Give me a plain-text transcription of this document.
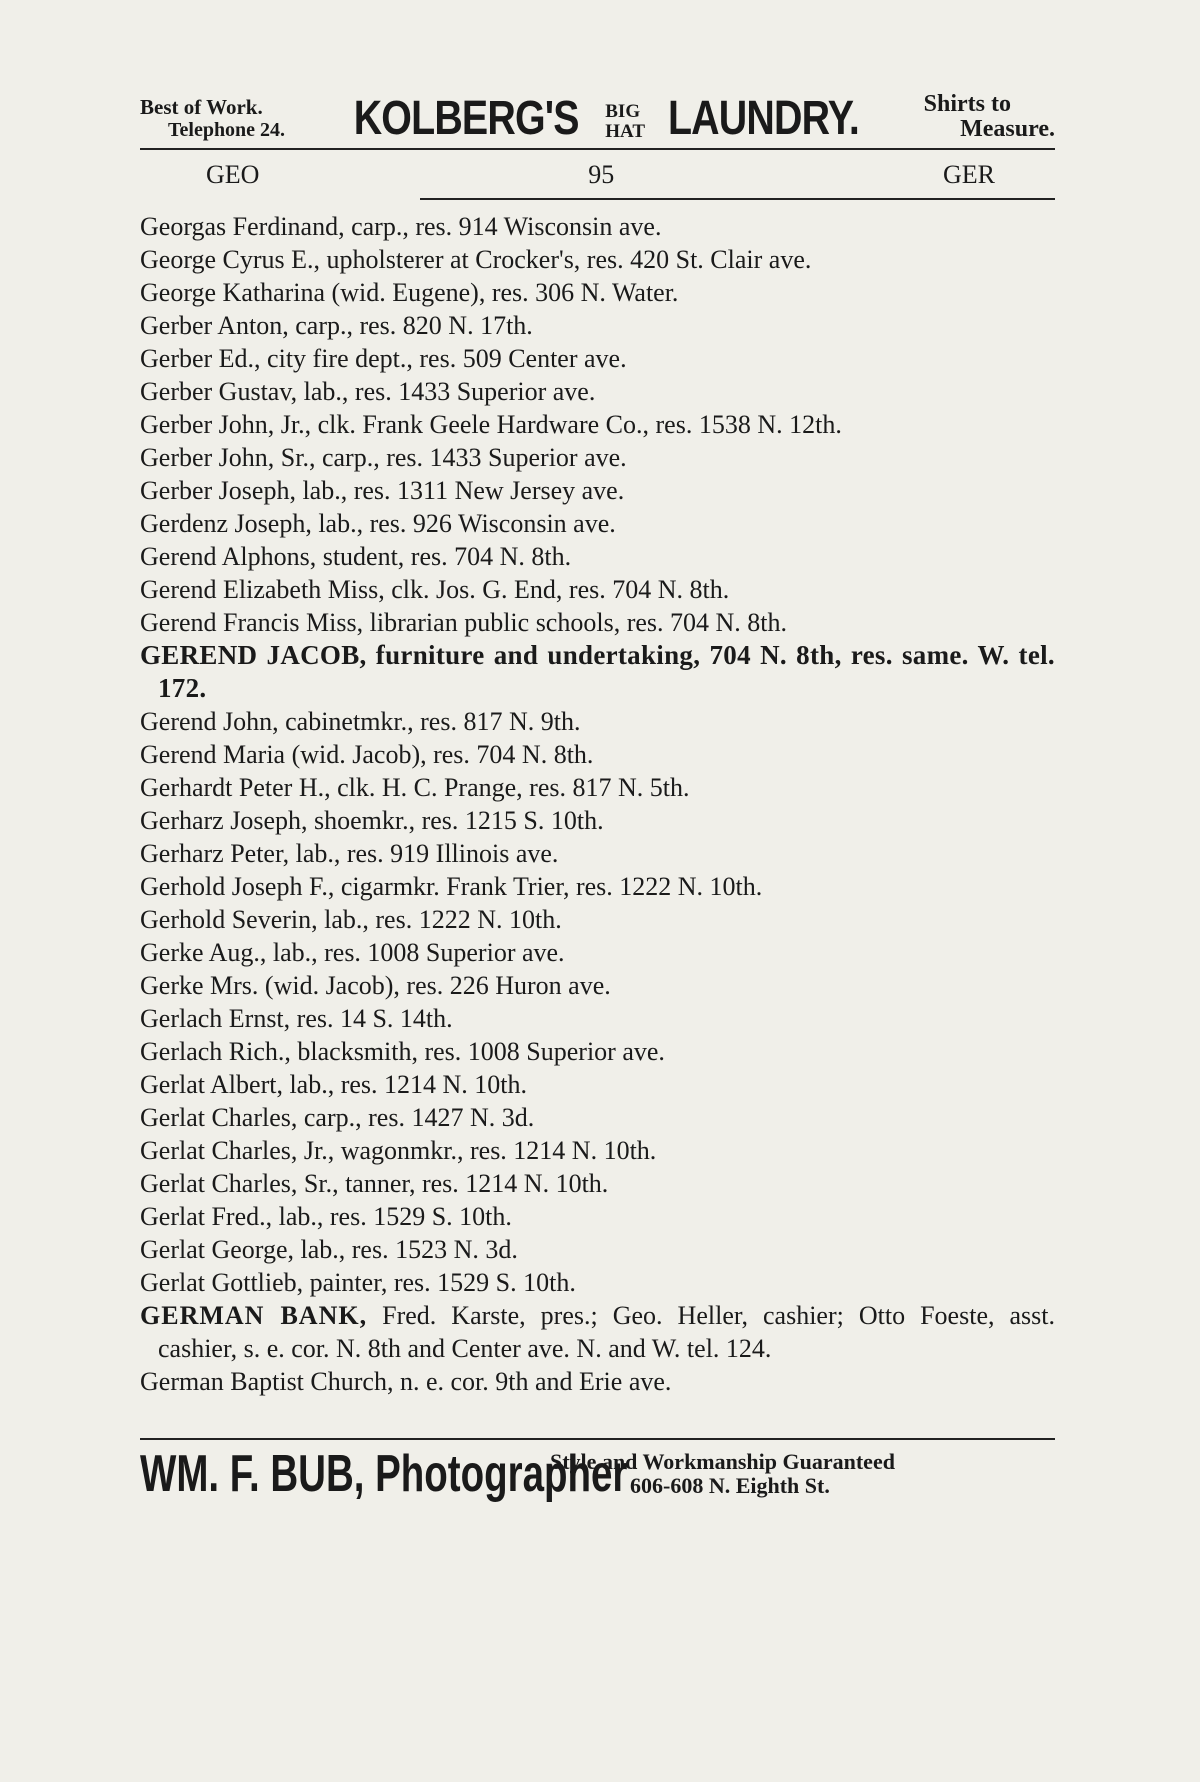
Best of Work.
Telephone 24. KOLBERG'S BIG
HAT LAUNDRY.	Shirts to
Measure.
GEO	95	GER
Georgas Ferdinand, carp., res. 914 Wisconsin ave.
George Cyrus E., upholsterer at Crocker's, res. 420 St. Clair ave.
George Katharina (wid. Eugene), res. 306 N. Water.
Gerber Anton, carp., res. 820 N. 17th.
Gerber Ed., city fire dept., res. 509 Center ave.
Gerber Gustav, lab., res. 1433 Superior ave.
Gerber John, Jr., clk. Frank Geele Hardware Co., res. 1538 N. 12th.
Gerber John, Sr., carp., res. 1433 Superior ave.
Gerber Joseph, lab., res. 1311 New Jersey ave.
Gerdenz Joseph, lab., res. 926 Wisconsin ave.
Gerend Alphons, student, res. 704 N. 8th.
Gerend Elizabeth Miss, clk. Jos. G. End, res. 704 N. 8th.
Gerend Francis Miss, librarian public schools, res. 704 N. 8th.
GEREND JACOB, furniture and undertaking, 704 N. 8th, res. same. W. tel. 172.
Gerend John, cabinetmkr., res. 817 N. 9th.
Gerend Maria (wid. Jacob), res. 704 N. 8th.
Gerhardt Peter H., clk. H. C. Prange, res. 817 N. 5th.
Gerharz Joseph, shoemkr., res. 1215 S. 10th.
Gerharz Peter, lab., res. 919 Illinois ave.
Gerhold Joseph F., cigarmkr. Frank Trier, res. 1222 N. 10th.
Gerhold Severin, lab., res. 1222 N. 10th.
Gerke Aug., lab., res. 1008 Superior ave.
Gerke Mrs. (wid. Jacob), res. 226 Huron ave.
Gerlach Ernst, res. 14 S. 14th.
Gerlach Rich., blacksmith, res. 1008 Superior ave.
Gerlat Albert, lab., res. 1214 N. 10th.
Gerlat Charles, carp., res. 1427 N. 3d.
Gerlat Charles, Jr., wagonmkr., res. 1214 N. 10th.
Gerlat Charles, Sr., tanner, res. 1214 N. 10th.
Gerlat Fred., lab., res. 1529 S. 10th.
Gerlat George, lab., res. 1523 N. 3d.
Gerlat Gottlieb, painter, res. 1529 S. 10th.
GERMAN BANK, Fred. Karste, pres.; Geo. Heller, cashier; Otto Foeste, asst. cashier, s. e. cor. N. 8th and Center ave. N. and W. tel. 124.
German Baptist Church, n. e. cor. 9th and Erie ave.
WM. F. BUB, Photographer
Style and Workmanship Guaranteed
606-608 N. Eighth St.
